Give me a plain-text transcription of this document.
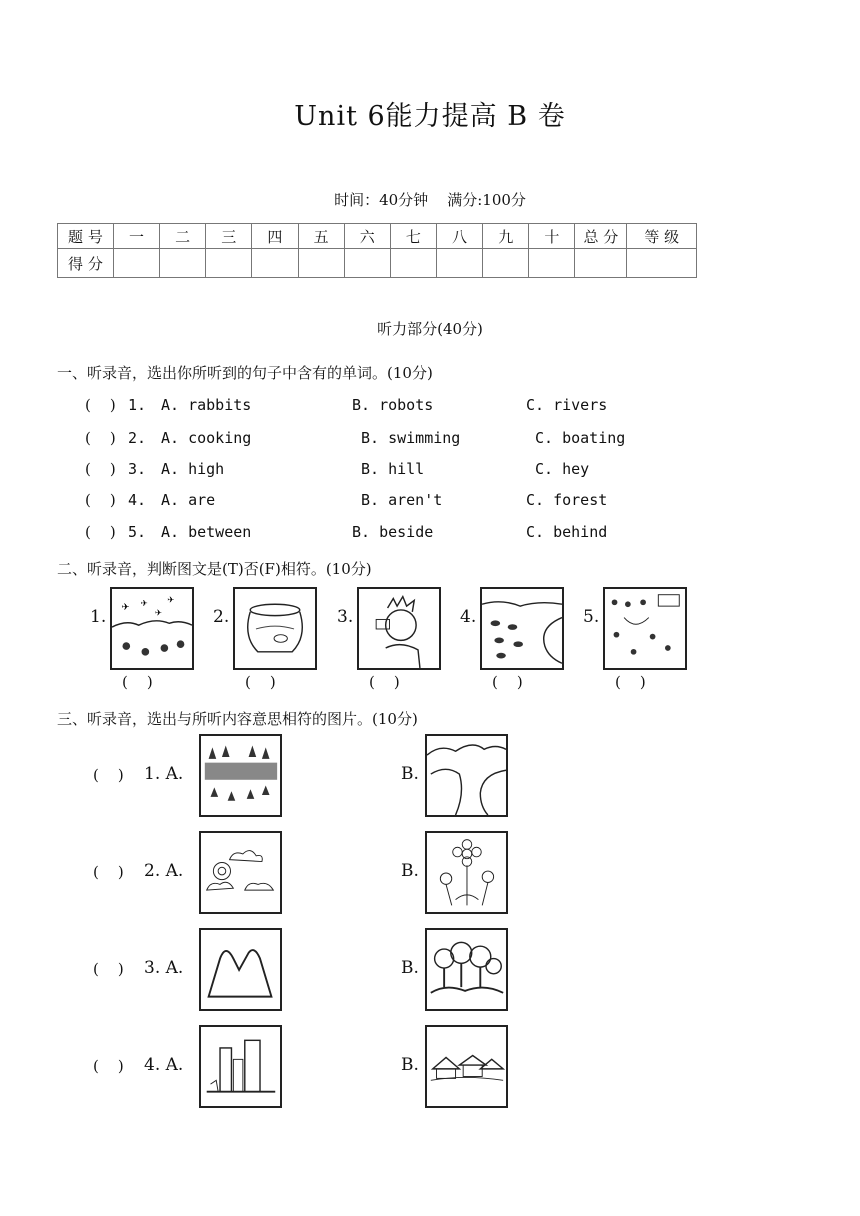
Unit 6能力提高 B 卷
时间：40分钟    满分:100分
题 号	一	二	三	四	五	六	七	八	九	十	总 分	等 级
得 分												
听力部分(40分)
一、听录音，选出你所听到的句子中含有的单词。(10分)
(    ) 1. A. rabbits	B. robots	C. rivers
(    ) 2. A. cooking	B. swimming	C. boating
(    ) 3. A. high	B. hill	C. hey
(    ) 4. A. are	B. aren't	C. forest
(    ) 5. A. between	B. beside	C. behind
二、听录音，判断图文是(T)否(F)相符。(10分)
1. ✈ ✈
✈
✈
(    )
2.
(    )
3.
(    )
4.
(    )
5.
(    )
三、听录音，选出与所听内容意思相符的图片。(10分)
(    ) 1. A.	B.
(    ) 2. A.	B.
(    ) 3. A.	B.
(    ) 4. A.	B.
